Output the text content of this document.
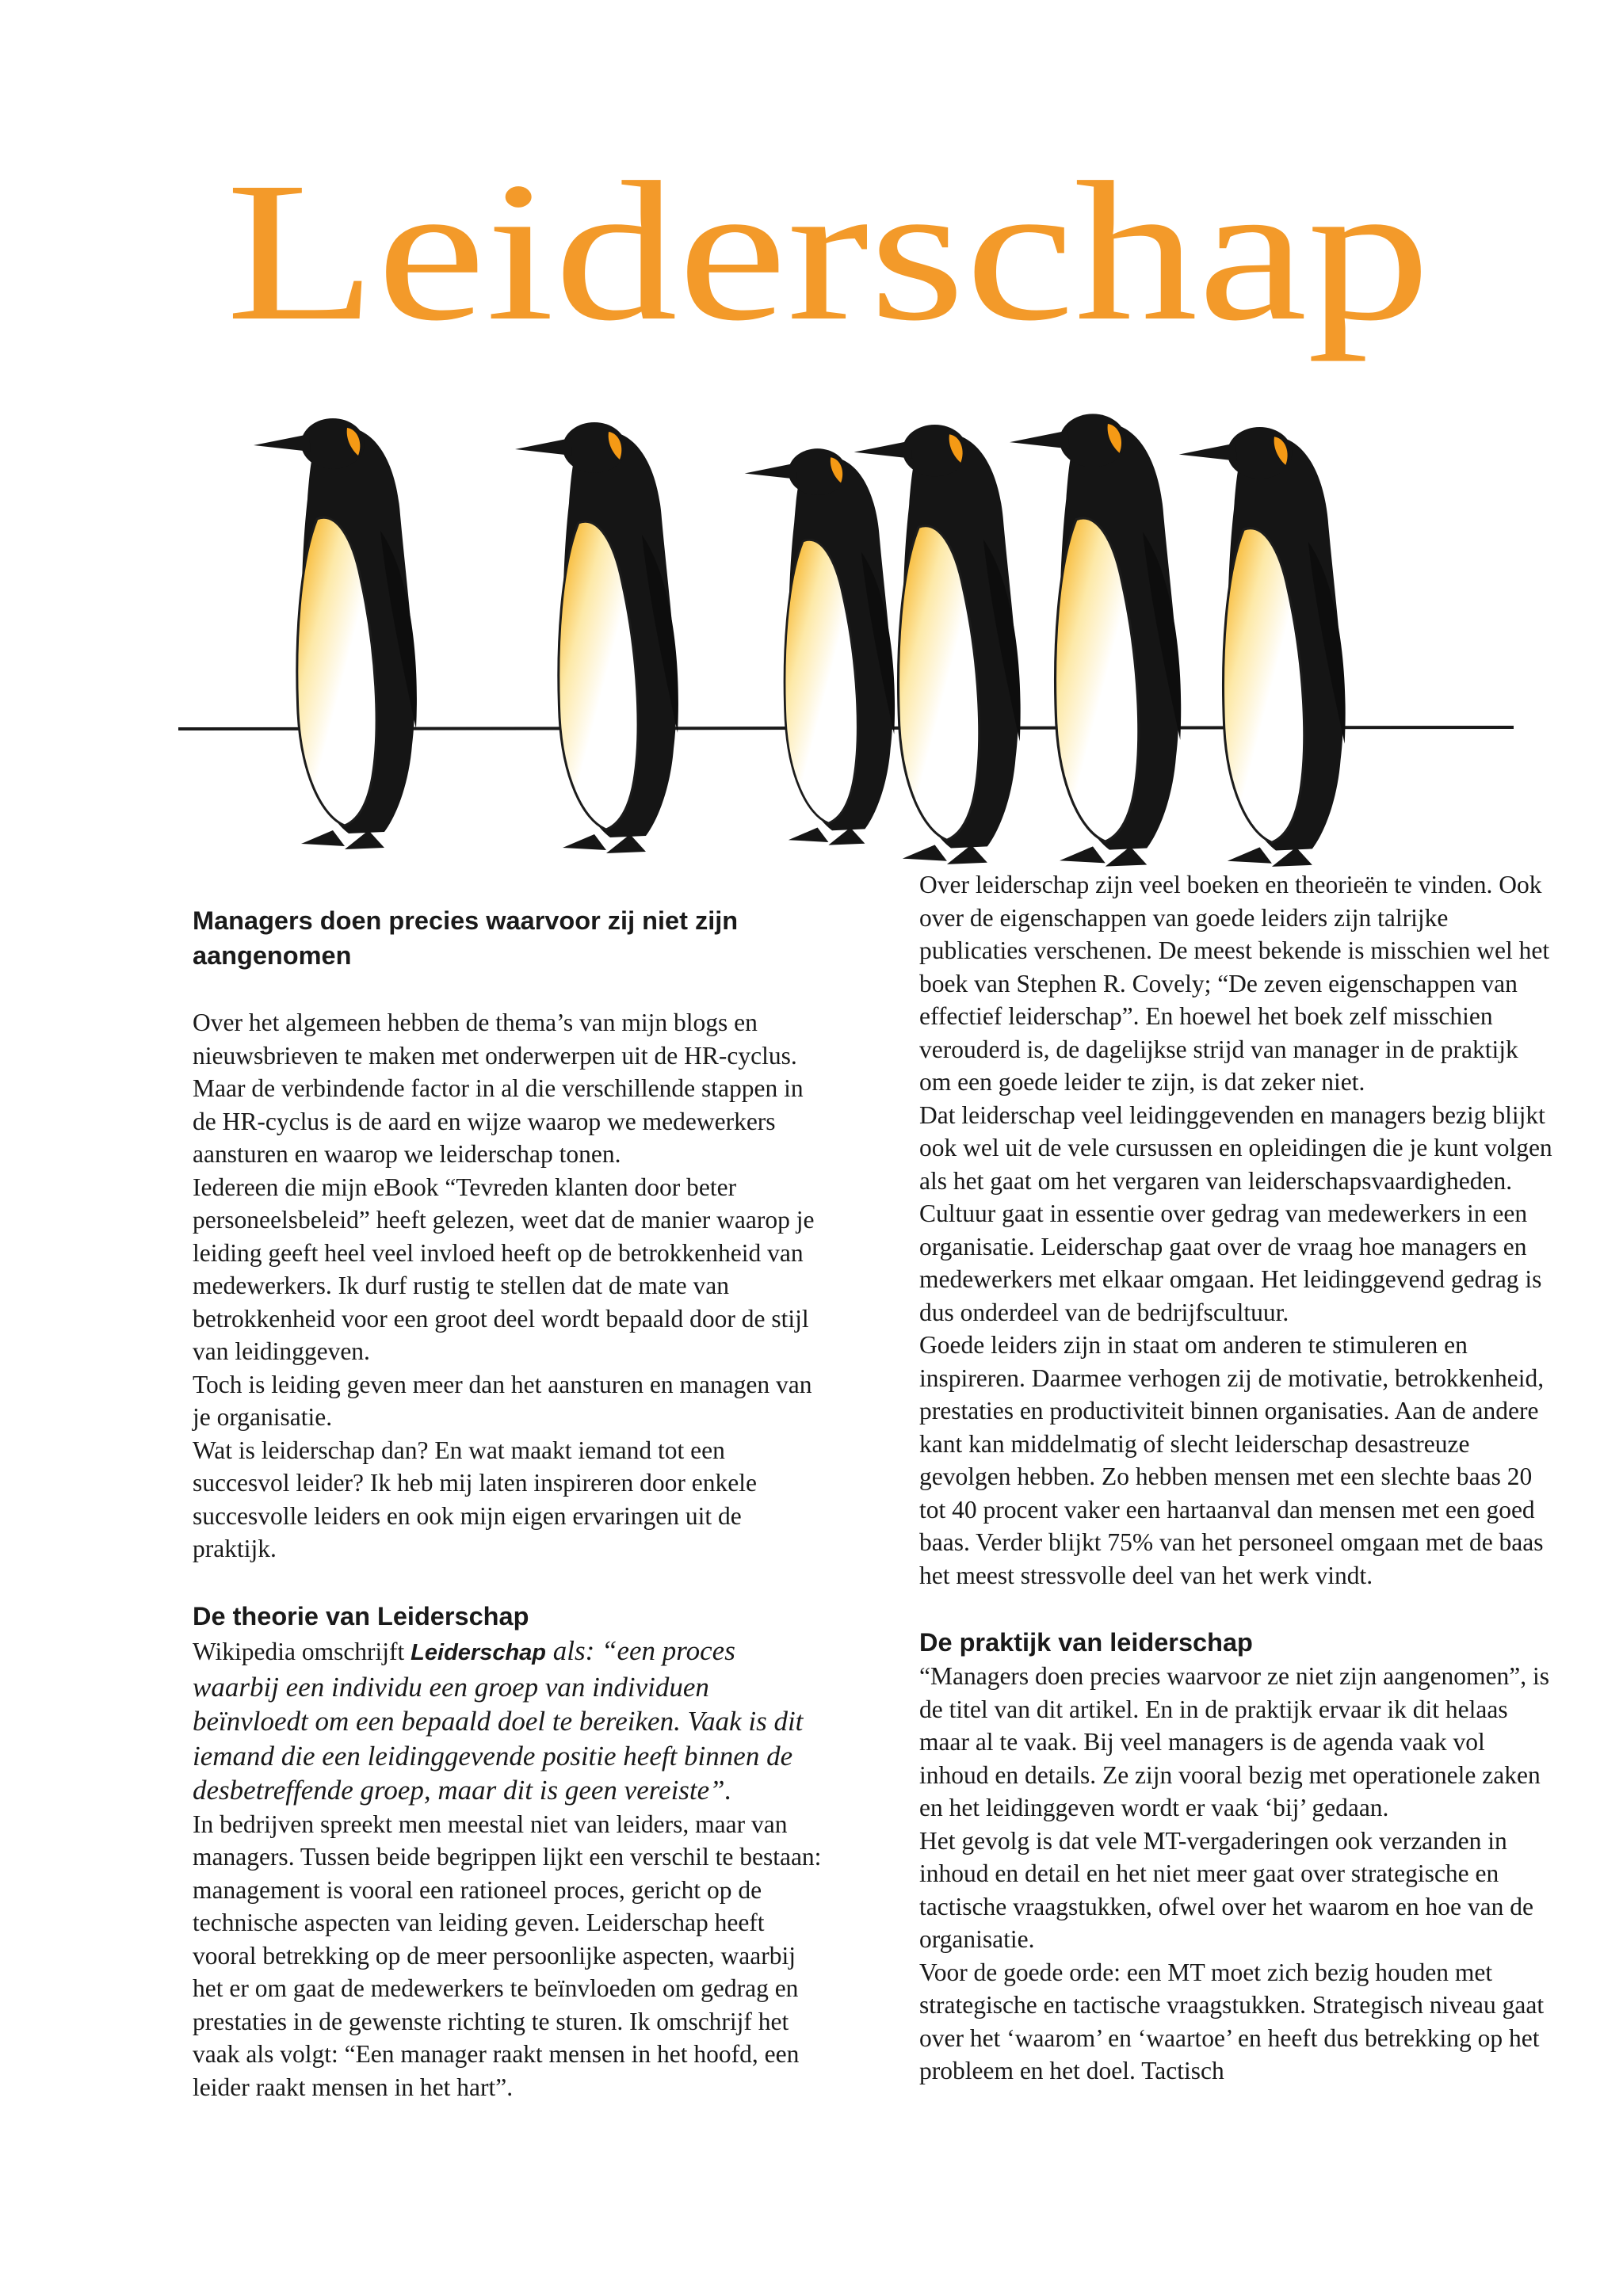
Leiderschap
Managers doen precies waarvoor zij niet zijn aangenomen

Over het algemeen hebben de thema’s van mijn blogs en nieuwsbrieven te maken met onderwerpen uit de HR-cyclus. Maar de verbindende factor in al die verschillende stappen in de HR-cyclus is de aard en wijze waarop we medewerkers aansturen en waarop we leiderschap tonen.

Iedereen die mijn eBook “Tevreden klanten door beter personeelsbeleid” heeft gelezen, weet dat de manier waarop je leiding geeft heel veel invloed heeft op de betrokkenheid van medewerkers. Ik durf rustig te stellen dat de mate van betrokkenheid voor een groot deel wordt bepaald door de stijl van leidinggeven.

Toch is leiding geven meer dan het aansturen en managen van je organisatie.

Wat is leiderschap dan? En wat maakt iemand tot een succesvol leider? Ik heb mij laten inspireren door enkele succesvolle leiders en ook mijn eigen ervaringen uit de praktijk.

De theorie van Leiderschap

Wikipedia omschrijft Leiderschap als: “een proces waarbij een individu een groep van individuen beïnvloedt om een bepaald doel te bereiken. Vaak is dit iemand die een leidinggevende positie heeft binnen de desbetreffende groep, maar dit is geen vereiste”.

In bedrijven spreekt men meestal niet van leiders, maar van managers. Tussen beide begrippen lijkt een verschil te bestaan: management is vooral een rationeel proces, gericht op de technische aspecten van leiding geven. Leiderschap heeft vooral betrekking op de meer persoonlijke aspecten, waarbij het er om gaat de medewerkers te beïnvloeden om gedrag en prestaties in de gewenste richting te sturen. Ik omschrijf het vaak als volgt: “Een manager raakt mensen in het hoofd, een leider raakt mensen in het hart”.

Over leiderschap zijn veel boeken en theorieën te vinden. Ook over de eigenschappen van goede leiders zijn talrijke publicaties verschenen. De meest bekende is misschien wel het boek van Stephen R. Covely; “De zeven eigenschappen van effectief leiderschap”. En hoewel het boek zelf misschien verouderd is, de dagelijkse strijd van manager in de praktijk om een goede leider te zijn, is dat zeker niet.

Dat leiderschap veel leidinggevenden en managers bezig blijkt ook wel uit de vele cursussen en opleidingen die je kunt volgen als het gaat om het vergaren van leiderschapsvaardigheden.

Cultuur gaat in essentie over gedrag van medewerkers in een organisatie. Leiderschap gaat over de vraag hoe managers en medewerkers met elkaar omgaan. Het leidinggevend gedrag is dus onderdeel van de bedrijfscultuur.

Goede leiders zijn in staat om anderen te stimuleren en inspireren. Daarmee verhogen zij de motivatie, betrokkenheid, prestaties en productiviteit binnen organisaties. Aan de andere kant kan middelmatig of slecht leiderschap desastreuze gevolgen hebben. Zo hebben mensen met een slechte baas 20 tot 40 procent vaker een hartaanval dan mensen met een goed baas. Verder blijkt 75% van het personeel omgaan met de baas het meest stressvolle deel van het werk vindt.

De praktijk van leiderschap

“Managers doen precies waarvoor ze niet zijn aangenomen”, is de titel van dit artikel. En in de praktijk ervaar ik dit helaas maar al te vaak. Bij veel managers is de agenda vaak vol inhoud en details. Ze zijn vooral bezig met operationele zaken en het leidinggeven wordt er vaak ‘bij’ gedaan.

Het gevolg is dat vele MT-vergaderingen ook verzanden in inhoud en detail en het niet meer gaat over strategische en tactische vraagstukken, ofwel over het waarom en hoe van de organisatie.

Voor de goede orde: een MT moet zich bezig houden met strategische en tactische vraagstukken. Strategisch niveau gaat over het ‘waarom’ en ‘waartoe’ en heeft dus betrekking op het probleem en het doel. Tactisch
